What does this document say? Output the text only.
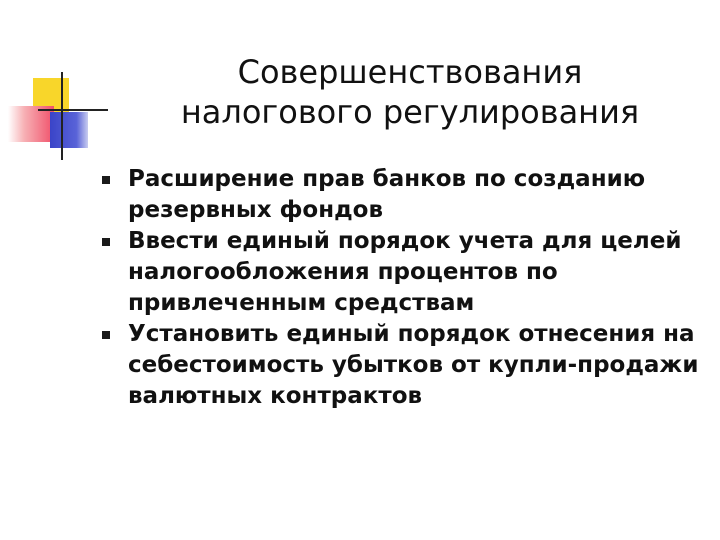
Совершенствования
налогового регулирования
Расширение прав банков по созданию резервных фондов
Ввести единый порядок учета для целей налогообложения процентов по привлеченным средствам
Установить единый порядок отнесения на себестоимость убытков от купли-продажи валютных контрактов
